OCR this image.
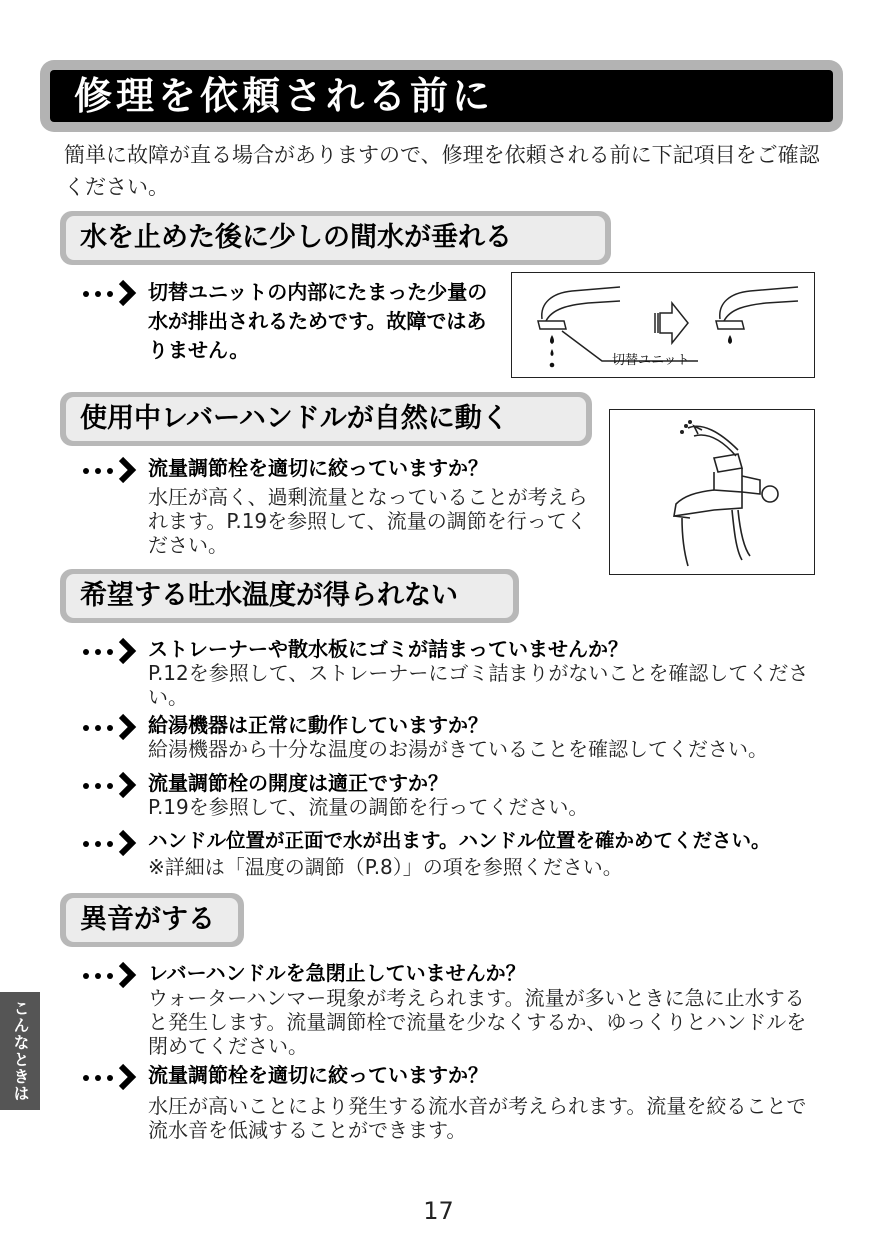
修理を依頼される前に
簡単に故障が直る場合がありますので、修理を依頼される前に下記項目をご確認ください。
水を止めた後に少しの間水が垂れる
切替ユニットの内部にたまった少量の水が排出されるためです。故障ではありません。	切替ユニット
使用中レバーハンドルが自然に動く
流量調節栓を適切に絞っていますか？
水圧が高く、過剰流量となっていることが考えられます。P.19を参照して、流量の調節を行ってください。
希望する吐水温度が得られない
ストレーナーや散水板にゴミが詰まっていませんか？
P.12を参照して、ストレーナーにゴミ詰まりがないことを確認してください。
給湯機器は正常に動作していますか？
給湯機器から十分な温度のお湯がきていることを確認してください。
流量調節栓の開度は適正ですか？
P.19を参照して、流量の調節を行ってください。
ハンドル位置が正面で水が出ます。ハンドル位置を確かめてください。
※詳細は「温度の調節（P.8）」の項を参照ください。
異音がする
レバーハンドルを急閉止していませんか？
ウォーターハンマー現象が考えられます。流量が多いときに急に止水すると発生します。流量調節栓で流量を少なくするか、ゆっくりとハンドルを閉めてください。
流量調節栓を適切に絞っていますか？
水圧が高いことにより発生する流水音が考えられます。流量を絞ることで流水音を低減することができます。
こんなときは
17
